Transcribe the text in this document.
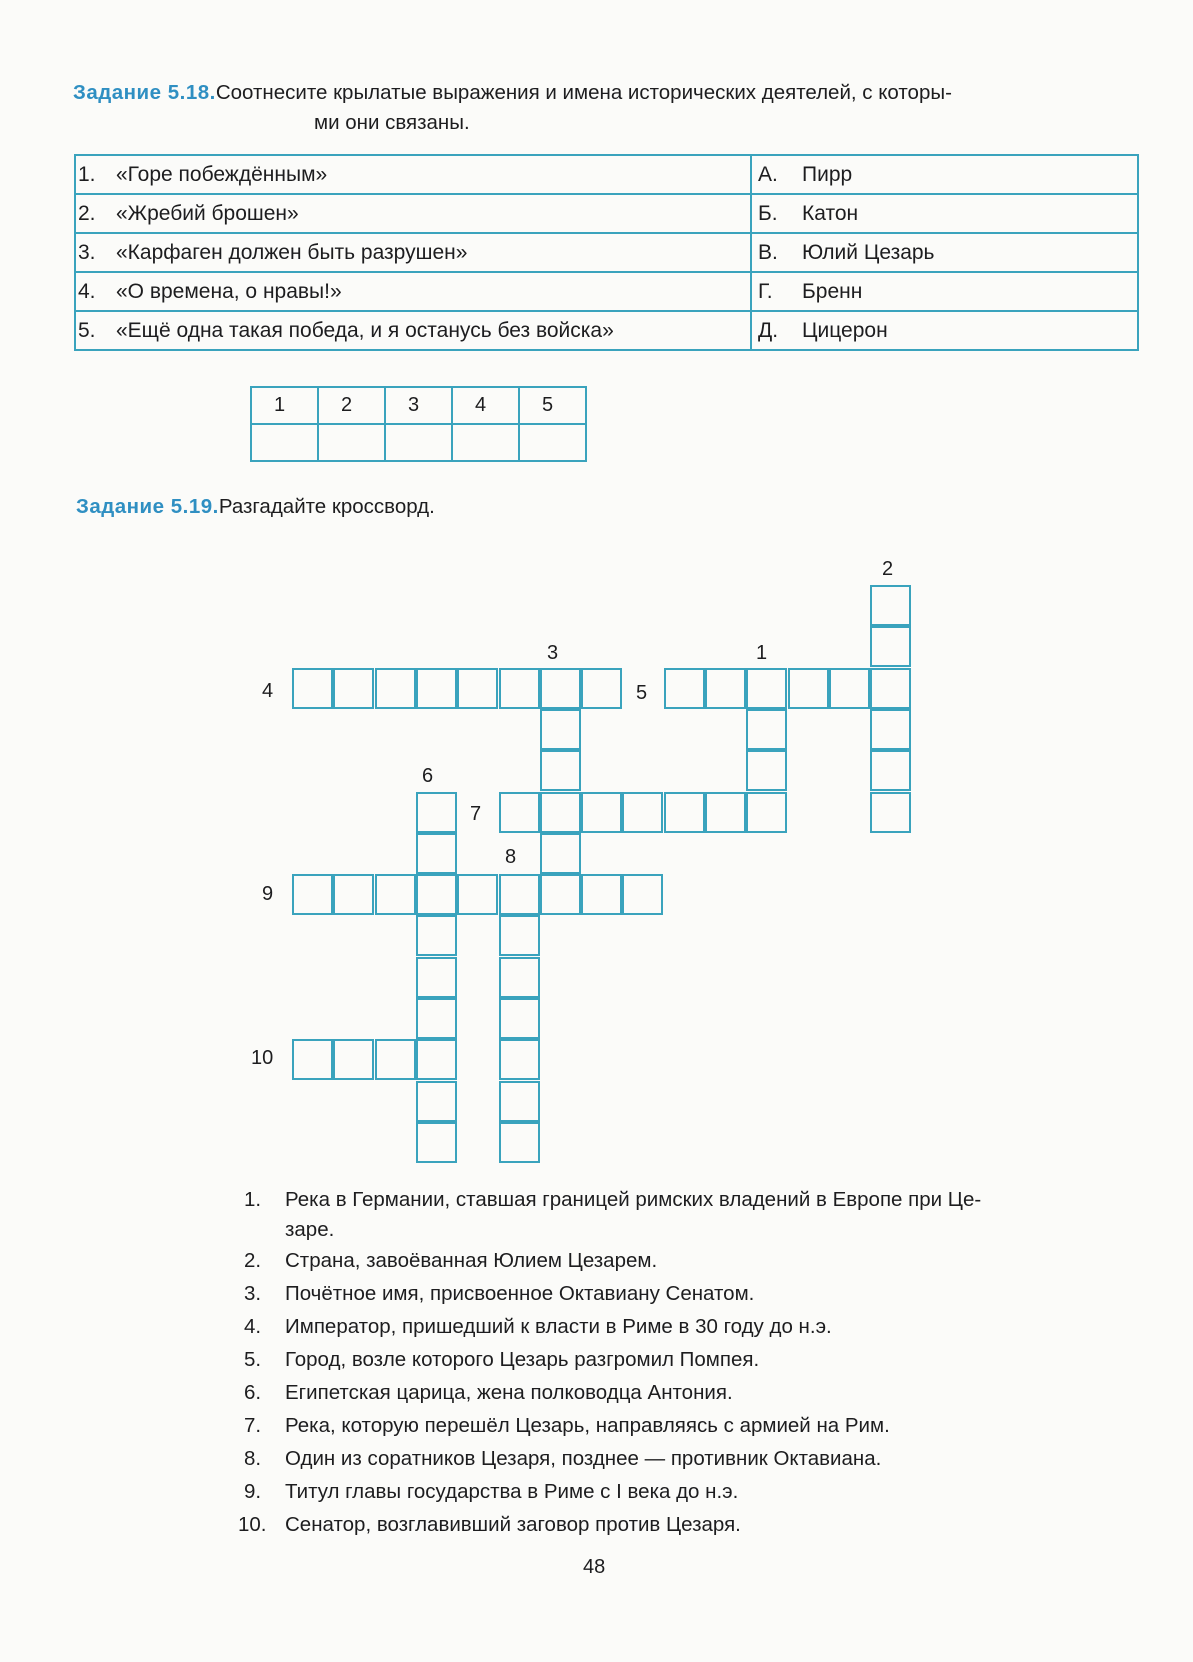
Задание 5.18.Соотнесите крылатые выражения и имена исторических деятелей, с которы-
ми они связаны.
1. «Горе побеждённым»	А. Пирр
2. «Жребий брошен»	Б. Катон
3. «Карфаген должен быть разрушен»	В. Юлий Цезарь
4. «О времена, о нравы!»	Г. Бренн
5. «Ещё одна такая победа, и я останусь без войска»	Д. Цицерон
1	2	3	4	5

Задание 5.19.Разгадайте кроссворд.
2
3	1
4	5
6
7
8
9
10
1. Река в Германии, ставшая границей римских владений в Европе при Це-
заре.
2. Страна, завоёванная Юлием Цезарем.
3. Почётное имя, присвоенное Октавиану Сенатом.
4. Император, пришедший к власти в Риме в 30 году до н.э.
5. Город, возле которого Цезарь разгромил Помпея.
6. Египетская царица, жена полководца Антония.
7. Река, которую перешёл Цезарь, направляясь с армией на Рим.
8. Один из соратников Цезаря, позднее — противник Октавиана.
9. Титул главы государства в Риме с I века до н.э.
10. Сенатор, возглавивший заговор против Цезаря.
48
